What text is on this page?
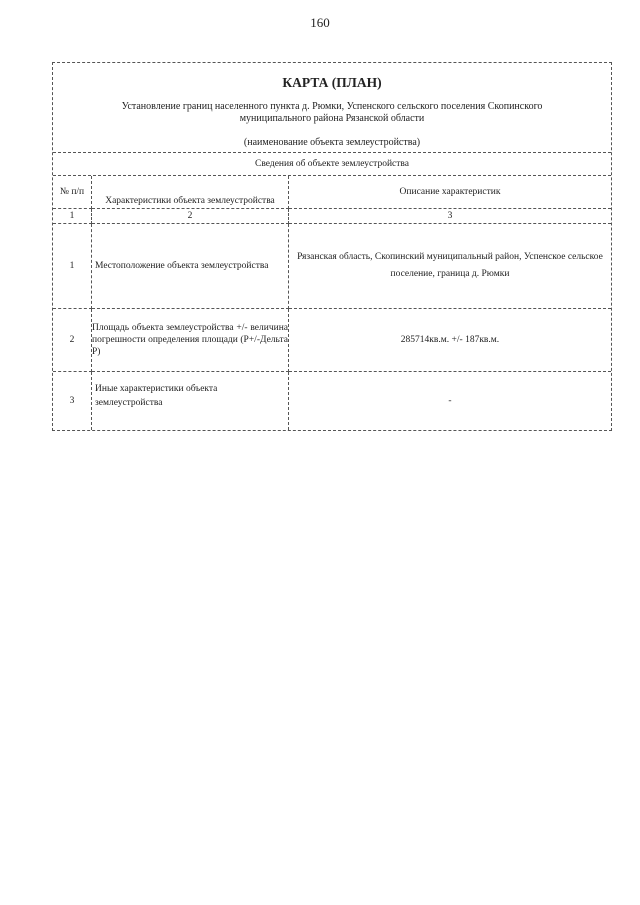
160
КАРТА (ПЛАН)
Установление границ населенного пункта д. Рюмки, Успенского сельского поселения Скопинского муниципального района Рязанской области
(наименование объекта землеустройства)
Сведения об объекте землеустройства
№ п/п	Характеристики объекта землеустройства	Описание характеристик
1	2	3
1	Местоположение объекта землеустройства	Рязанская область, Скопинский муниципальный район, Успенское сельское поселение, граница д. Рюмки
2	Площадь объекта землеустройства +/- величина погрешности определения площади (Р+/-Дельта Р)	285714кв.м. +/- 187кв.м.
3	Иные характеристики объекта землеустройства	-
